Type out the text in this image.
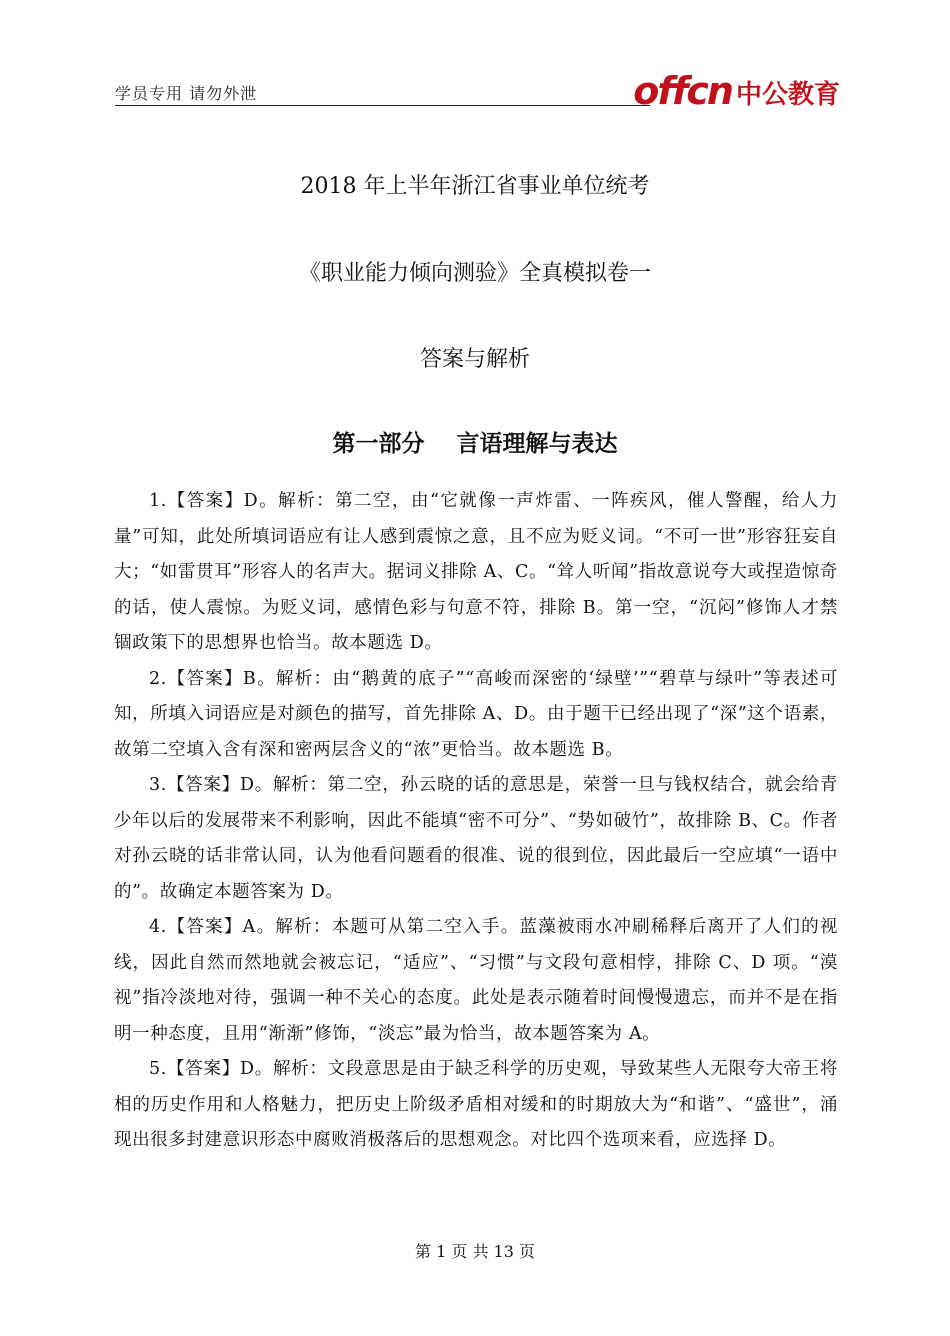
学员专用 请勿外泄	offcn 中公教育
2018 年上半年浙江省事业单位统考
《职业能力倾向测验》全真模拟卷一
答案与解析
第一部分 言语理解与表达

1.【答案】D。解析：第二空，由“它就像一声炸雷、一阵疾风，催人警醒，给人力量”可知，此处所填词语应有让人感到震惊之意，且不应为贬义词。“不可一世”形容狂妄自大；“如雷贯耳”形容人的名声大。据词义排除 A、C。“耸人听闻”指故意说夸大或捏造惊奇的话，使人震惊。为贬义词，感情色彩与句意不符，排除 B。第一空，“沉闷”修饰人才禁锢政策下的思想界也恰当。故本题选 D。

2.【答案】B。解析：由“鹅黄的底子”“高峻而深密的‘绿壁’”“碧草与绿叶”等表述可知，所填入词语应是对颜色的描写，首先排除 A、D。由于题干已经出现了“深”这个语素，故第二空填入含有深和密两层含义的“浓”更恰当。故本题选 B。

3.【答案】D。解析：第二空，孙云晓的话的意思是，荣誉一旦与钱权结合，就会给青少年以后的发展带来不利影响，因此不能填“密不可分”、“势如破竹”，故排除 B、C。作者对孙云晓的话非常认同，认为他看问题看的很准、说的很到位，因此最后一空应填“一语中的”。故确定本题答案为 D。

4.【答案】A。解析：本题可从第二空入手。蓝藻被雨水冲刷稀释后离开了人们的视线，因此自然而然地就会被忘记，“适应”、“习惯”与文段句意相悖，排除 C、D 项。“漠视”指冷淡地对待，强调一种不关心的态度。此处是表示随着时间慢慢遗忘，而并不是在指明一种态度，且用“渐渐”修饰，“淡忘”最为恰当，故本题答案为 A。

5.【答案】D。解析：文段意思是由于缺乏科学的历史观，导致某些人无限夸大帝王将相的历史作用和人格魅力，把历史上阶级矛盾相对缓和的时期放大为“和谐”、“盛世”，涌现出很多封建意识形态中腐败消极落后的思想观念。对比四个选项来看，应选择 D。

第 1 页 共 13 页
